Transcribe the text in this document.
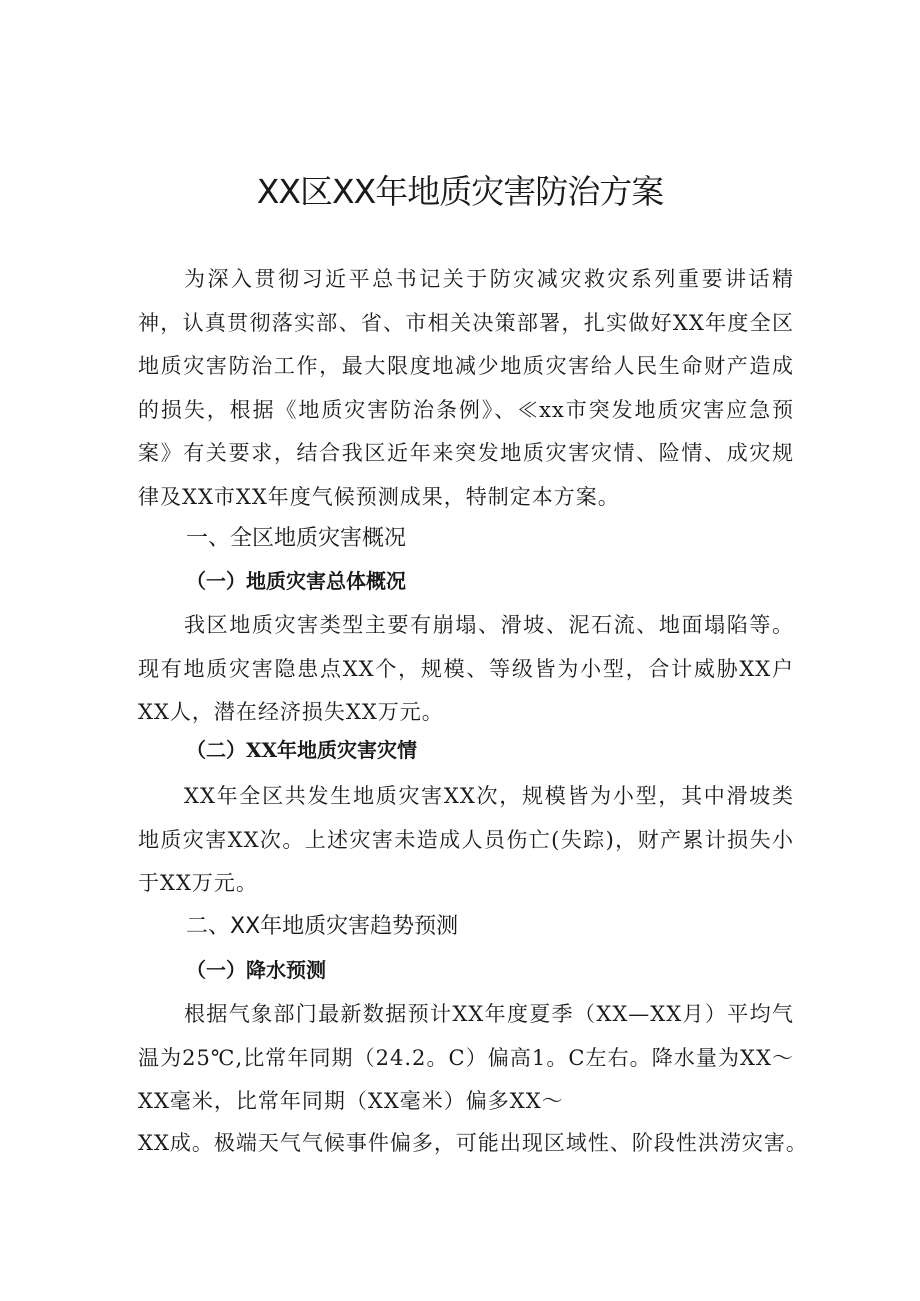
XX区XX年地质灾害防治方案

为深入贯彻习近平总书记关于防灾减灾救灾系列重要讲话精神，认真贯彻落实部、省、市相关决策部署，扎实做好XX年度全区地质灾害防治工作，最大限度地减少地质灾害给人民生命财产造成的损失，根据《地质灾害防治条例》、≪xx市突发地质灾害应急预案》有关要求，结合我区近年来突发地质灾害灾情、险情、成灾规律及XX市XX年度气候预测成果，特制定本方案。

一、全区地质灾害概况
（一）地质灾害总体概况

我区地质灾害类型主要有崩塌、滑坡、泥石流、地面塌陷等。现有地质灾害隐患点XX个，规模、等级皆为小型，合计威胁XX户XX人，潜在经济损失XX万元。

（二）XX年地质灾害灾情

XX年全区共发生地质灾害XX次，规模皆为小型，其中滑坡类地质灾害XX次。上述灾害未造成人员伤亡(失踪)，财产累计损失小于XX万元。

二、XX年地质灾害趋势预测
（一）降水预测

根据气象部门最新数据预计XX年度夏季（XX—XX月）平均气温为25℃,比常年同期（24.2。C）偏高1。C左右。降水量为XX～XX毫米，比常年同期（XX毫米）偏多XX～

XX成。极端天气气候事件偏多，可能出现区域性、阶段性洪涝灾害。
